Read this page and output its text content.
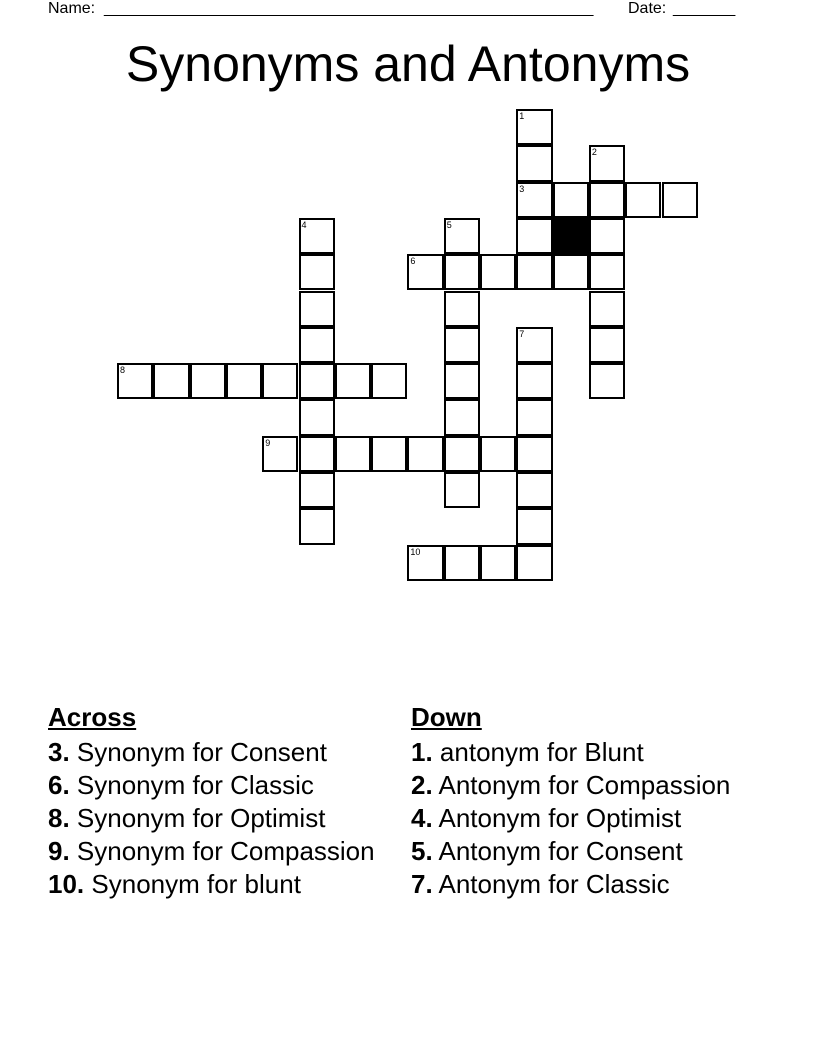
Name: _______________________________________________________ Date: _______
Synonyms and Antonyms
1
2
3
4	5
6
7
8
9
10
Across
3. Synonym for Consent
6. Synonym for Classic
8. Synonym for Optimist
9. Synonym for Compassion
10. Synonym for blunt
Down
1. antonym for Blunt
2. Antonym for Compassion
4. Antonym for Optimist
5. Antonym for Consent
7. Antonym for Classic
